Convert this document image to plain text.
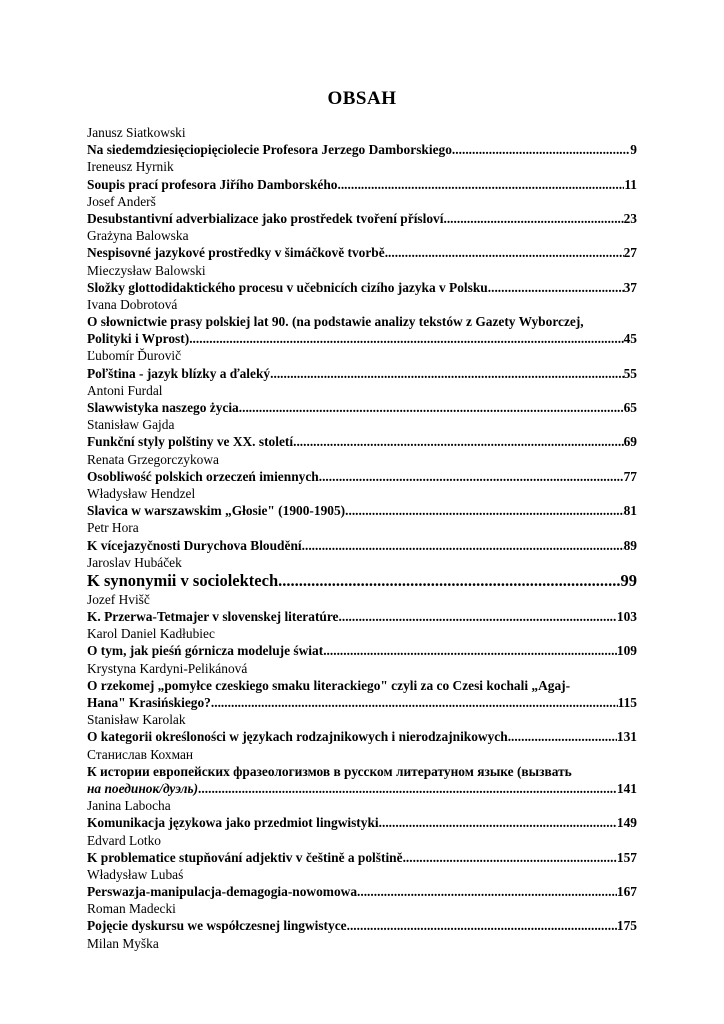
OBSAH
Janusz Siatkowski
Na siedemdziesięciopięciolecie Profesora Jerzego Damborskiego .....	9
Ireneusz Hyrnik
Soupis prací profesora Jiřího Damborského .....	11
Josef Anderš
Desubstantivní adverbializace jako prostředek tvoření přísloví .....	23
Grażyna Balowska
Nespisovné jazykové prostředky v šimáčkově tvorbě .....	27
Mieczysław Balowski
Složky glottodidaktického procesu v učebnicích cizího jazyka v Polsku .....	37
Ivana Dobrotová
O słownictwie prasy polskiej lat 90. (na podstawie analizy tekstów z Gazety Wyborczej,
Polityki i Wprost) .....	45
Ľubomír Ďurovič
Poľština - jazyk blízky a ďaleký .....	55
Antoni Furdal
Slawwistyka naszego życia .....	65
Stanisław Gajda
Funkční styly polštiny ve XX. století .....	69
Renata Grzegorczykowa
Osobliwość polskich orzeczeń imiennych .....	77
Władysław Hendzel
Slavica w warszawskim „Głosie" (1900-1905) .....	81
Petr Hora
K vícejazyčnosti Durychova Bloudění .....	89
Jaroslav Hubáček
K synonymii v sociolektech .....	99
Jozef Hvišč
K. Przerwa-Tetmajer v slovenskej literatúre .....	103
Karol Daniel Kadłubiec
O tym, jak pieśń górnicza modeluje świat .....	109
Krystyna Kardyni-Pelikánová
O rzekomej „pomyłce czeskiego smaku literackiego" czyli za co Czesi kochali „Agaj-
Hana" Krasińskiego? .....	115
Stanisław Karolak
O kategorii określoności w językach rodzajnikowych i nierodzajnikowych .....	131
Станислав Кохман
К истории европейских фразеологизмов в русском литератуном языке (вызвать
на поединок/дуэль) .....	141
Janina Labocha
Komunikacja językowa jako przedmiot lingwistyki .....	149
Edvard Lotko
K problematice stupňování adjektiv v češtině a polštině .....	157
Władysław Lubaś
Perswazja-manipulacja-demagogia-nowomowa .....	167
Roman Madecki
Pojęcie dyskursu we współczesnej lingwistyce .....	175
Milan Myška
